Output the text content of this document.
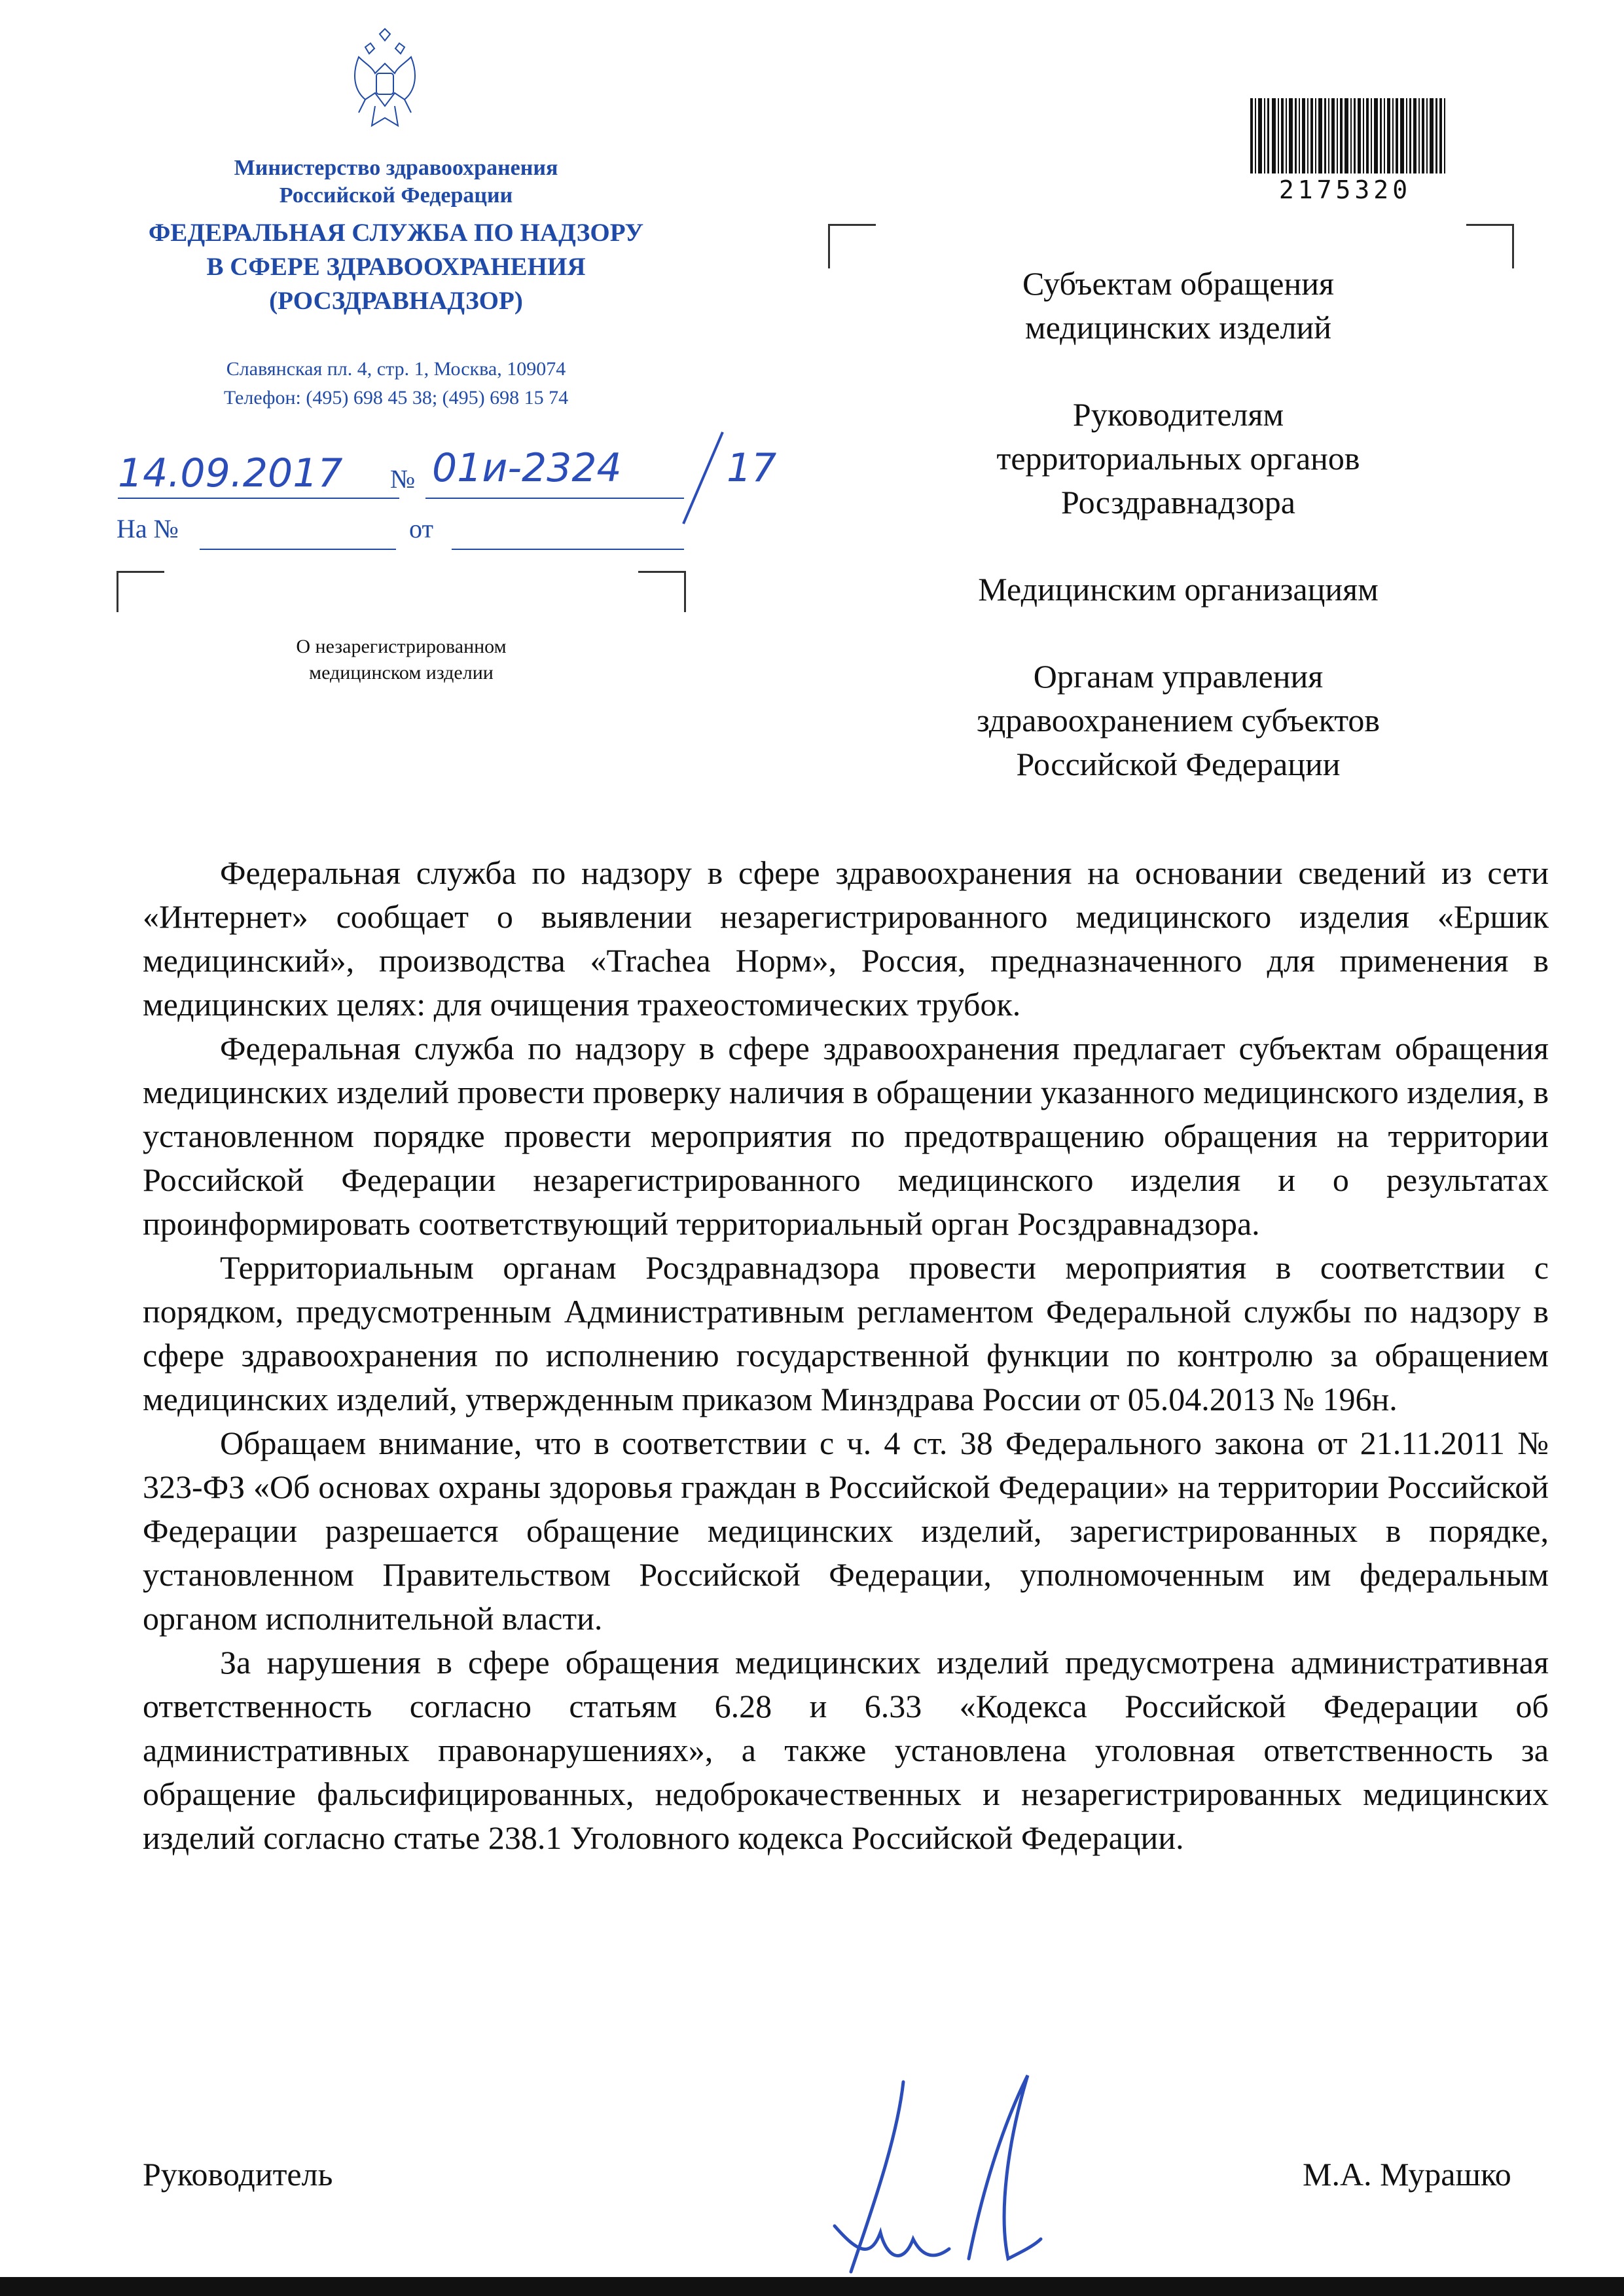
Министерство здравоохранения
Российской Федерации
ФЕДЕРАЛЬНАЯ СЛУЖБА ПО НАДЗОРУ
В СФЕРЕ ЗДРАВООХРАНЕНИЯ
(РОСЗДРАВНАДЗОР)
Славянская пл. 4, стр. 1, Москва, 109074
Телефон: (495) 698 45 38; (495) 698 15 74
14.09.2017 № 01и-2324	17
На №	от
О незарегистрированном
медицинском изделии
2175320

Субъектам обращения медицинских изделий

Руководителям территориальных органов Росздравнадзора

Медицинским организациям

Органам управления здравоохранением субъектов Российской Федерации

Федеральная служба по надзору в сфере здравоохранения на основании сведений из сети «Интернет» сообщает о выявлении незарегистрированного медицинского изделия «Ершик медицинский», производства «Trachea Норм», Россия, предназначенного для применения в медицинских целях: для очищения трахеостомических трубок.

Федеральная служба по надзору в сфере здравоохранения предлагает субъектам обращения медицинских изделий провести проверку наличия в обращении указанного медицинского изделия, в установленном порядке провести мероприятия по предотвращению обращения на территории Российской Федерации незарегистрированного медицинского изделия и о результатах проинформировать соответствующий территориальный орган Росздравнадзора.

Территориальным органам Росздравнадзора провести мероприятия в соответствии с порядком, предусмотренным Административным регламентом Федеральной службы по надзору в сфере здравоохранения по исполнению государственной функции по контролю за обращением медицинских изделий, утвержденным приказом Минздрава России от 05.04.2013 № 196н.

Обращаем внимание, что в соответствии с ч. 4 ст. 38 Федерального закона от 21.11.2011 № 323-ФЗ «Об основах охраны здоровья граждан в Российской Федерации» на территории Российской Федерации разрешается обращение медицинских изделий, зарегистрированных в порядке, установленном Правительством Российской Федерации, уполномоченным им федеральным органом исполнительной власти.

За нарушения в сфере обращения медицинских изделий предусмотрена административная ответственность согласно статьям 6.28 и 6.33 «Кодекса Российской Федерации об административных правонарушениях», а также установлена уголовная ответственность за обращение фальсифицированных, недоброкачественных и незарегистрированных медицинских изделий согласно статье 238.1 Уголовного кодекса Российской Федерации.

Руководитель	М.А. Мурашко
